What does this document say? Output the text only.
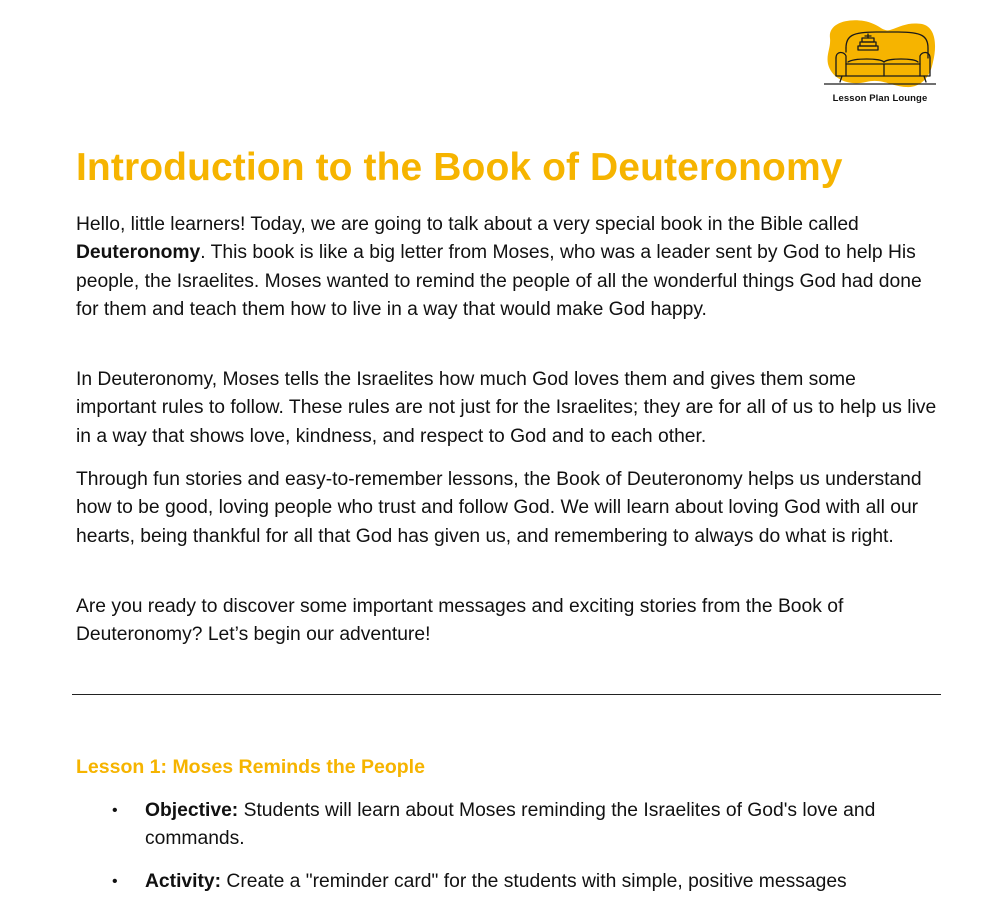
Lesson Plan Lounge
Introduction to the Book of Deuteronomy

Hello, little learners! Today, we are going to talk about a very special book in the Bible called Deuteronomy. This book is like a big letter from Moses, who was a leader sent by God to help His people, the Israelites. Moses wanted to remind the people of all the wonderful things God had done for them and teach them how to live in a way that would make God happy.

In Deuteronomy, Moses tells the Israelites how much God loves them and gives them some important rules to follow. These rules are not just for the Israelites; they are for all of us to help us live in a way that shows love, kindness, and respect to God and to each other.

Through fun stories and easy-to-remember lessons, the Book of Deuteronomy helps us understand how to be good, loving people who trust and follow God. We will learn about loving God with all our hearts, being thankful for all that God has given us, and remembering to always do what is right.

Are you ready to discover some important messages and exciting stories from the Book of Deuteronomy? Let’s begin our adventure!

Lesson 1: Moses Reminds the People
• Objective: Students will learn about Moses reminding the Israelites of God's love and commands.
• Activity: Create a "reminder card" for the students with simple, positive messages
